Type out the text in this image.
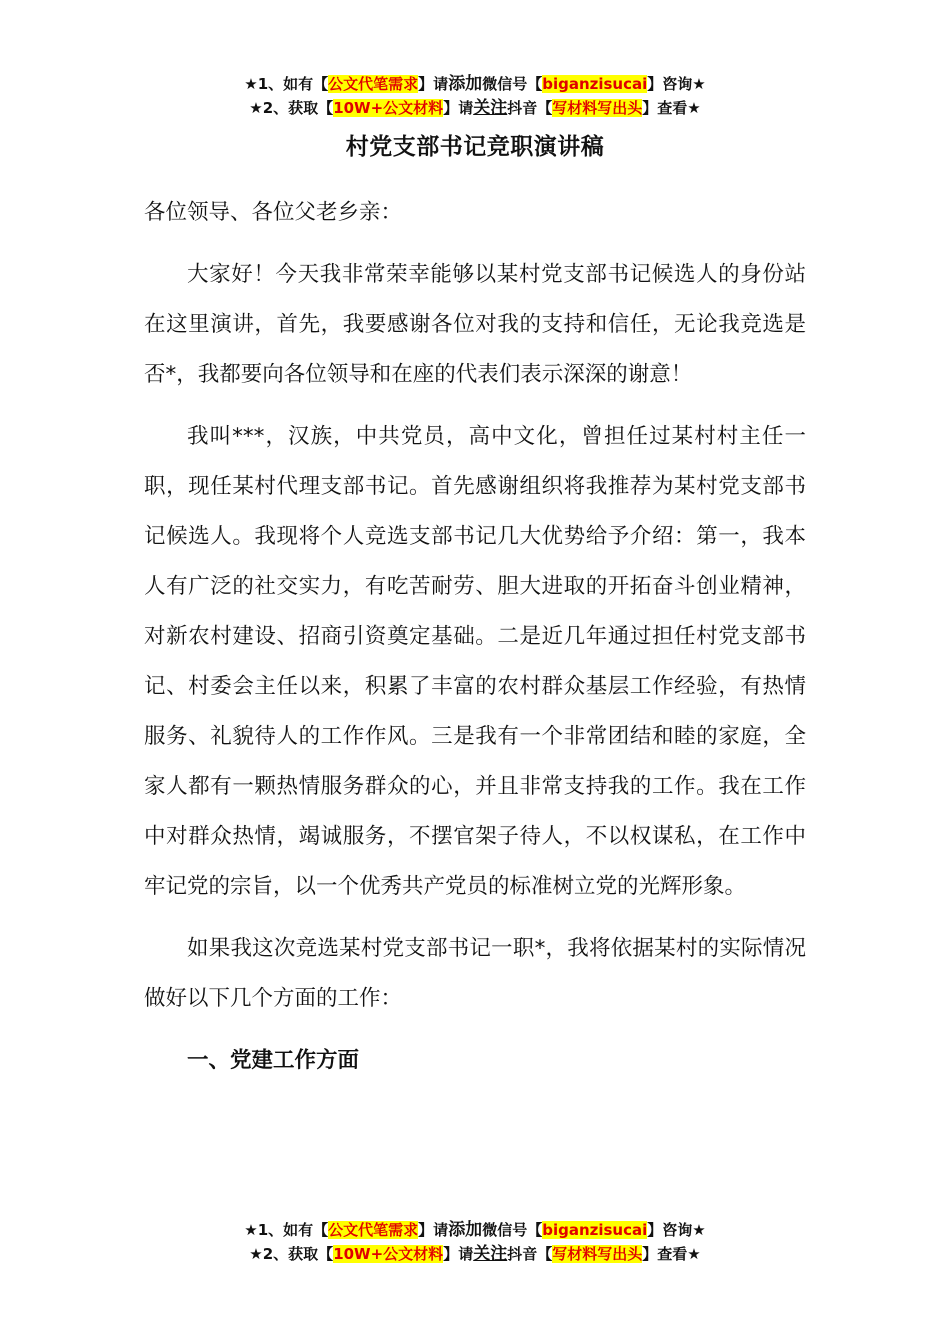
★1、如有【公文代笔需求】请添加微信号【biganzisucai】咨询★
★2、获取【10W+公文材料】请关注抖音【写材料写出头】查看★
村党支部书记竞职演讲稿

各位领导、各位父老乡亲：

大家好！今天我非常荣幸能够以某村党支部书记候选人的身份站在这里演讲，首先，我要感谢各位对我的支持和信任，无论我竞选是否*，我都要向各位领导和在座的代表们表示深深的谢意！

我叫***，汉族，中共党员，高中文化，曾担任过某村村主任一职，现任某村代理支部书记。首先感谢组织将我推荐为某村党支部书记候选人。我现将个人竞选支部书记几大优势给予介绍：第一，我本人有广泛的社交实力，有吃苦耐劳、胆大进取的开拓奋斗创业精神，对新农村建设、招商引资奠定基础。二是近几年通过担任村党支部书记、村委会主任以来，积累了丰富的农村群众基层工作经验，有热情服务、礼貌待人的工作作风。三是我有一个非常团结和睦的家庭，全家人都有一颗热情服务群众的心，并且非常支持我的工作。我在工作中对群众热情，竭诚服务，不摆官架子待人，不以权谋私，在工作中牢记党的宗旨，以一个优秀共产党员的标准树立党的光辉形象。

如果我这次竞选某村党支部书记一职*，我将依据某村的实际情况做好以下几个方面的工作：

一、党建工作方面

★1、如有【公文代笔需求】请添加微信号【biganzisucai】咨询★
★2、获取【10W+公文材料】请关注抖音【写材料写出头】查看★
